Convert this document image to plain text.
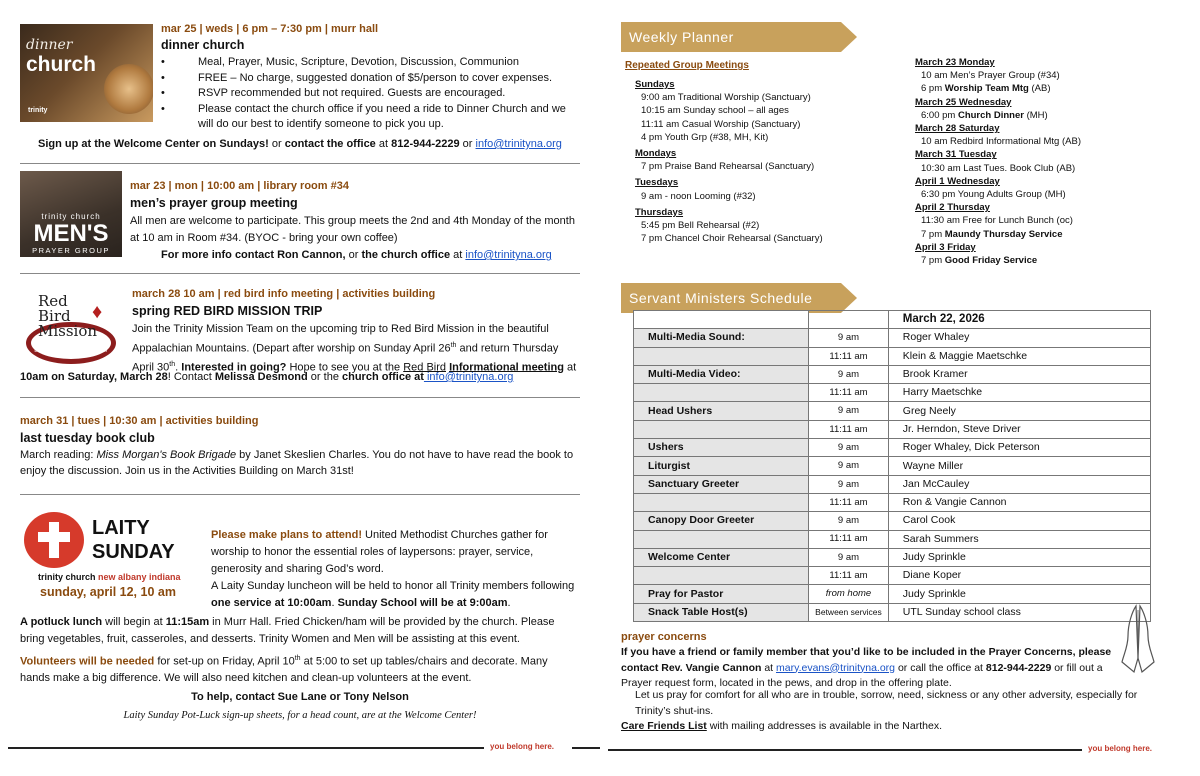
dinner
church
trinity
mar 25 | weds | 6 pm – 7:30 pm | murr hall
dinner church
• Meal, Prayer, Music, Scripture, Devotion, Discussion, Communion
• FREE – No charge, suggested donation of $5/person to cover expenses.
• RSVP recommended but not required. Guests are encouraged.
• Please contact the church office if you need a ride to Dinner Church and we will do our best to identify someone to pick you up.
Sign up at the Welcome Center on Sundays! or contact the office at 812-944-2229 or info@trinityna.org
trinity church
MEN'S
PRAYER GROUP
mar 23 | mon | 10:00 am | library room #34
men’s prayer group meeting
All men are welcome to participate. This group meets the 2nd and 4th Monday of the month at 10 am in Room #34. (BYOC - bring your own coffee)
For more info contact Ron Cannon, or the church office at info@trinityna.org
Building on a Legacy of Faith
Red
Bird
Mission
♦
march 28 10 am | red bird info meeting | activities building
spring RED BIRD MISSION TRIP
Join the Trinity Mission Team on the upcoming trip to Red Bird Mission in the beautiful Appalachian Mountains. (Depart after worship on Sunday April 26th and return Thursday April 30th. Interested in going? Hope to see you at the Red Bird Informational meeting at
10am on Saturday, March 28! Contact Melissa Desmond or the church office at info@trinityna.org
march 31 | tues | 10:30 am | activities building
last tuesday book club
March reading: Miss Morgan's Book Brigade by Janet Skeslien Charles. You do not have to have read the book to enjoy the discussion. Join us in the Activities Building on March 31st!
LAITY
SUNDAY
trinity church new albany indiana
sunday, april 12, 10 am
Please make plans to attend! United Methodist Churches gather for worship to honor the essential roles of laypersons: prayer, service, generosity and sharing God’s word.
A Laity Sunday luncheon will be held to honor all Trinity members following one service at 10:00am. Sunday School will be at 9:00am.
A potluck lunch will begin at 11:15am in Murr Hall. Fried Chicken/ham will be provided by the church. Please bring vegetables, fruit, casseroles, and desserts. Trinity Women and Men will be assisting at this event.
Volunteers will be needed for set-up on Friday, April 10th at 5:00 to set up tables/chairs and decorate. Many hands make a big difference. We will also need kitchen and clean-up volunteers at the event.
To help, contact Sue Lane or Tony Nelson
Laity Sunday Pot-Luck sign-up sheets, for a head count, are at the Welcome Center!
you belong here.
Weekly Planner
Repeated Group Meetings
Sundays
9:00 am Traditional Worship (Sanctuary)
10:15 am Sunday school – all ages
11:11 am Casual Worship (Sanctuary)
4 pm Youth Grp (#38, MH, Kit)
Mondays
7 pm Praise Band Rehearsal (Sanctuary)
Tuesdays
9 am - noon Looming (#32)
Thursdays
5:45 pm Bell Rehearsal (#2)
7 pm Chancel Choir Rehearsal (Sanctuary)
March 23 Monday
10 am Men’s Prayer Group (#34)
6 pm Worship Team Mtg (AB)
March 25 Wednesday
6:00 pm Church Dinner (MH)
March 28 Saturday
10 am Redbird Informational Mtg (AB)
March 31 Tuesday
10:30 am Last Tues. Book Club (AB)
April 1 Wednesday
6:30 pm Young Adults Group (MH)
April 2 Thursday
11:30 am Free for Lunch Bunch (oc)
7 pm Maundy Thursday Service
April 3 Friday
7 pm Good Friday Service
Servant Ministers Schedule
		March 22, 2026
Multi-Media Sound:	9 am	Roger Whaley
	11:11 am	Klein & Maggie Maetschke
Multi-Media Video:	9 am	Brook Kramer
	11:11 am	Harry Maetschke
Head Ushers	9 am	Greg Neely
	11:11 am	Jr. Herndon, Steve Driver
Ushers	9 am	Roger Whaley, Dick Peterson
Liturgist	9 am	Wayne Miller
Sanctuary Greeter	9 am	Jan McCauley
	11:11 am	Ron & Vangie Cannon
Canopy Door Greeter	9 am	Carol Cook
	11:11 am	Sarah Summers
Welcome Center	9 am	Judy Sprinkle
	11:11 am	Diane Koper
Pray for Pastor	from home	Judy Sprinkle
Snack Table Host(s)	Between services	UTL Sunday school class
prayer concerns
If you have a friend or family member that you’d like to be included in the Prayer Concerns, please contact Rev. Vangie Cannon at mary.evans@trinityna.org or call the office at 812-944-2229 or fill out a Prayer request form, located in the pews, and drop in the offering plate.
Let us pray for comfort for all who are in trouble, sorrow, need, sickness or any other adversity, especially for Trinity’s shut-ins.
Care Friends List with mailing addresses is available in the Narthex.
you belong here.
